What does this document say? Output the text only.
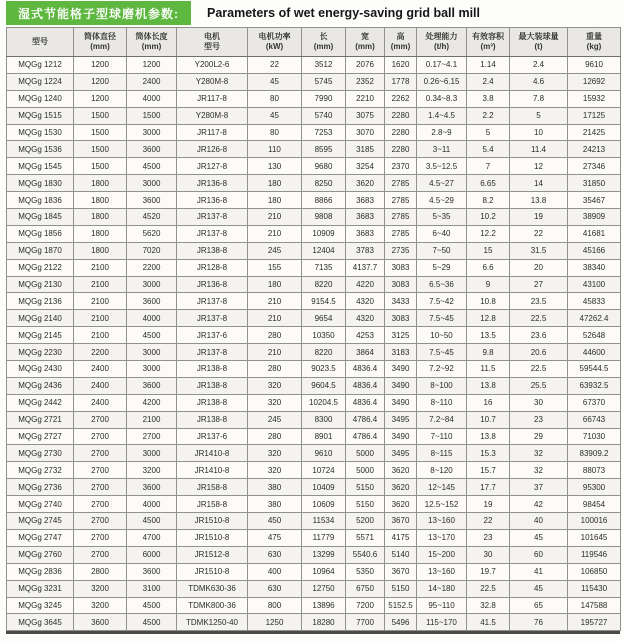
湿式节能格子型球磨机参数:	Parameters of wet energy-saving grid ball mill
型号

筒体直径
(mm)

筒体长度
(mm)

电机
型号

电机功率
(kW)

长
(mm)

宽
(mm)

高
(mm)

处理能力
(t/h)

有效容积
(m³)

最大装球量
(t)

重量
(kg)

MQGg 1212	1200	1200	Y200L2-6	22	3512	2076	1620	0.17~4.1	1.14	2.4	9610
MQGg 1224	1200	2400	Y280M-8	45	5745	2352	1778	0.26~6.15	2.4	4.6	12692
MQGg 1240	1200	4000	JR117-8	80	7990	2210	2262	0.34~8.3	3.8	7.8	15932
MQGg 1515	1500	1500	Y280M-8	45	5740	3075	2280	1.4~4.5	2.2	5	17125
MQGg 1530	1500	3000	JR117-8	80	7253	3070	2280	2.8~9	5	10	21425
MQGg 1536	1500	3600	JR126-8	110	8595	3185	2280	3~11	5.4	11.4	24213
MQGg 1545	1500	4500	JR127-8	130	9680	3254	2370	3.5~12.5	7	12	27346
MQGg 1830	1800	3000	JR136-8	180	8250	3620	2785	4.5~27	6.65	14	31850
MQGg 1836	1800	3600	JR136-8	180	8866	3683	2785	4.5~29	8.2	13.8	35467
MQGg 1845	1800	4520	JR137-8	210	9808	3683	2785	5~35	10.2	19	38909
MQGg 1856	1800	5620	JR137-8	210	10909	3683	2785	6~40	12.2	22	41681
MQGg 1870	1800	7020	JR138-8	245	12404	3783	2735	7~50	15	31.5	45166
MQGg 2122	2100	2200	JR128-8	155	7135	4137.7	3083	5~29	6.6	20	38340
MQGg 2130	2100	3000	JR136-8	180	8220	4220	3083	6.5~36	9	27	43100
MQGg 2136	2100	3600	JR137-8	210	9154.5	4320	3433	7.5~42	10.8	23.5	45833
MQGg 2140	2100	4000	JR137-8	210	9654	4320	3083	7.5~45	12.8	22.5	47262.4
MQGg 2145	2100	4500	JR137-6	280	10350	4253	3125	10~50	13.5	23.6	52648
MQGg 2230	2200	3000	JR137-8	210	8220	3864	3183	7.5~45	9.8	20.6	44600
MQGg 2430	2400	3000	JR138-8	280	9023.5	4836.4	3490	7.2~92	11.5	22.5	59544.5
MQGg 2436	2400	3600	JR138-8	320	9604.5	4836.4	3490	8~100	13.8	25.5	63932.5
MQGg 2442	2400	4200	JR138-8	320	10204.5	4836.4	3490	8~110	16	30	67370
MQGg 2721	2700	2100	JR138-8	245	8300	4786.4	3495	7.2~84	10.7	23	66743
MQGg 2727	2700	2700	JR137-6	280	8901	4786.4	3490	7~110	13.8	29	71030
MQGg 2730	2700	3000	JR1410-8	320	9610	5000	3495	8~115	15.3	32	83909.2
MQGg 2732	2700	3200	JR1410-8	320	10724	5000	3620	8~120	15.7	32	88073
MQGg 2736	2700	3600	JR158-8	380	10409	5150	3620	12~145	17.7	37	95300
MQGg 2740	2700	4000	JR158-8	380	10609	5150	3620	12.5~152	19	42	98454
MQGg 2745	2700	4500	JR1510-8	450	11534	5200	3670	13~160	22	40	100016
MQGg 2747	2700	4700	JR1510-8	475	11779	5571	4175	13~170	23	45	101645
MQGg 2760	2700	6000	JR1512-8	630	13299	5540.6	5140	15~200	30	60	119546
MQGg 2836	2800	3600	JR1510-8	400	10964	5350	3670	13~160	19.7	41	106850
MQGg 3231	3200	3100	TDMK630-36	630	12750	6750	5150	14~180	22.5	45	115430
MQGg 3245	3200	4500	TDMK800-36	800	13896	7200	5152.5	95~110	32.8	65	147588
MQGg 3645	3600	4500	TDMK1250-40	1250	18280	7700	5496	115~170	41.5	76	195727
